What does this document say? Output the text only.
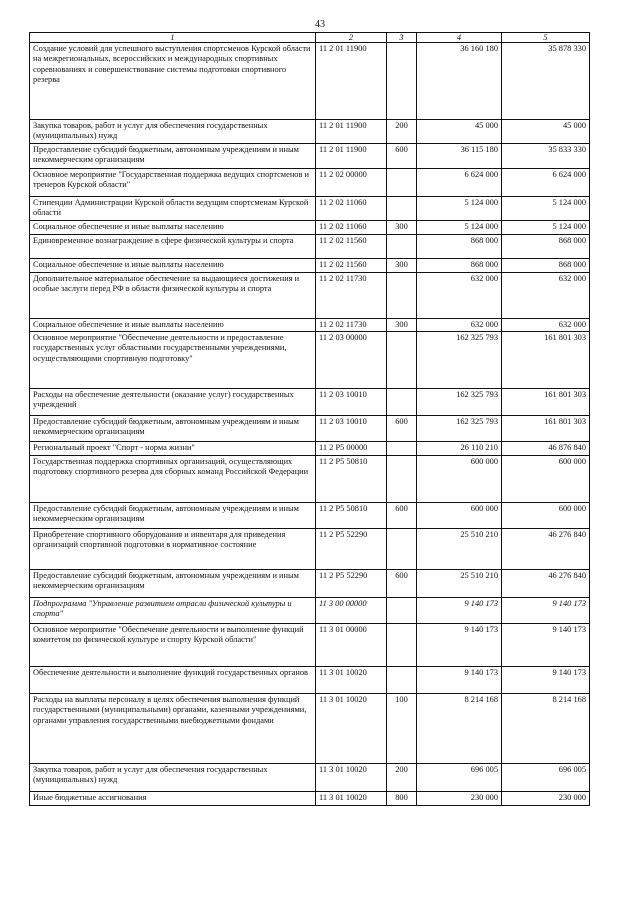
43
1	2	3	4	5
Создание условий для успешного выступления спортсменов Курской области на межрегиональных, всероссийских и международных спортивных соревнованиях и совершенствование системы подготовки спортивного резерва	11 2 01 11900		36 160 180	35 878 330
Закупка товаров, работ и услуг для обеспечения государственных (муниципальных) нужд	11 2 01 11900	200	45 000	45 000
Предоставление субсидий бюджетным, автономным учреждениям и иным некоммерческим организациям	11 2 01 11900	600	36 115 180	35 833 330
Основное мероприятие "Государственная поддержка ведущих спортсменов и тренеров Курской области"	11 2 02 00000		6 624 000	6 624 000
Стипендии Администрации Курской области ведущим спортсменам Курской области	11 2 02 11060		5 124 000	5 124 000
Социальное обеспечение и иные выплаты населению	11 2 02 11060	300	5 124 000	5 124 000
Единовременное вознаграждение в сфере физической культуры и спорта	11 2 02 11560		868 000	868 000
Социальное обеспечение и иные выплаты населению	11 2 02 11560	300	868 000	868 000
Дополнительное материальное обеспечение за выдающиеся достижения и особые заслуги перед РФ в области физической культуры и спорта	11 2 02 11730		632 000	632 000
Социальное обеспечение и иные выплаты населению	11 2 02 11730	300	632 000	632 000
Основное мероприятие "Обеспечение деятельности и предоставление государственных услуг областными государственными учреждениями, осуществляющими спортивную подготовку"	11 2 03 00000		162 325 793	161 801 303
Расходы на обеспечение деятельности (оказание услуг) государственных учреждений	11 2 03 10010		162 325 793	161 801 303
Предоставление субсидий бюджетным, автономным учреждениям и иным некоммерческим организациям	11 2 03 10010	600	162 325 793	161 801 303
Региональный проект "Спорт - норма жизни"	11 2 Р5 00000		26 110 210	46 876 840
Государственная поддержка спортивных организаций, осуществляющих подготовку спортивного резерва для сборных команд Российской Федерации	11 2 Р5 50810		600 000	600 000
Предоставление субсидий бюджетным, автономным учреждениям и иным некоммерческим организациям	11 2 Р5 50810	600	600 000	600 000
Приобретение спортивного оборудования и инвентаря для приведения организаций спортивной подготовки в нормативное состояние	11 2 Р5 52290		25 510 210	46 276 840
Предоставление субсидий бюджетным, автономным учреждениям и иным некоммерческим организациям	11 2 Р5 52290	600	25 510 210	46 276 840
Подпрограмма "Управление развитием отрасли физической культуры и спорта"	11 3 00 00000		9 140 173	9 140 173
Основное мероприятие "Обеспечение деятельности и выполнение функций комитетом по физической культуре и спорту Курской области"	11 3 01 00000		9 140 173	9 140 173
Обеспечение деятельности и выполнение функций государственных органов	11 3 01 10020		9 140 173	9 140 173
Расходы на выплаты персоналу в целях обеспечения выполнения функций государственными (муниципальными) органами, казенными учреждениями, органами управления государственными внебюджетными фондами	11 3 01 10020	100	8 214 168	8 214 168
Закупка товаров, работ и услуг для обеспечения государственных (муниципальных) нужд	11 3 01 10020	200	696 005	696 005
Иные бюджетные ассигнования	11 3 01 10020	800	230 000	230 000
